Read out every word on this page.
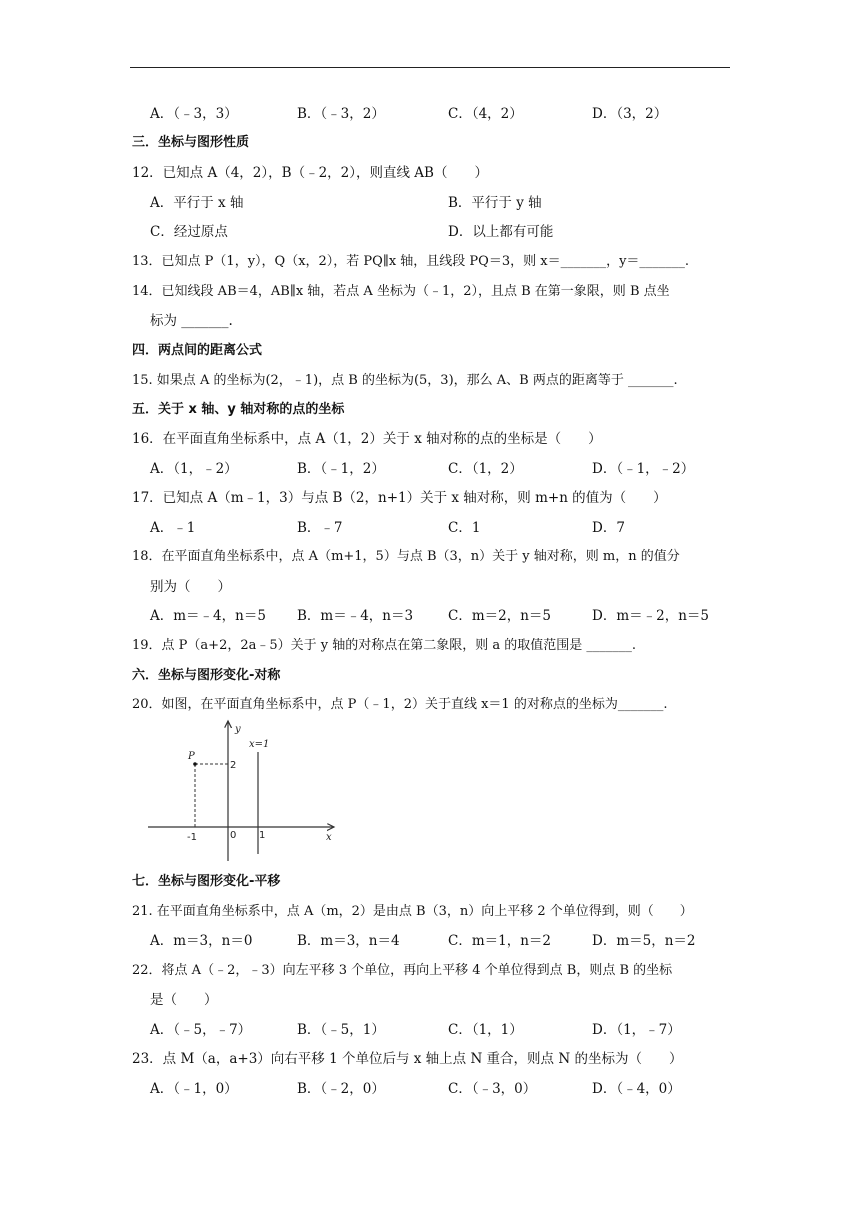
A．（﹣3，3）	B．（﹣3，2）	C．（4，2）	D．（3，2）
三．坐标与图形性质
12．已知点 A（4，2），B（﹣2，2），则直线 AB（　　）
A．平行于 x 轴	B．平行于 y 轴
C．经过原点	D．以上都有可能
13．已知点 P（1，y），Q（x，2），若 PQ∥x 轴，且线段 PQ＝3，则 x＝_______，y＝_______.
14．已知线段 AB＝4，AB∥x 轴，若点 A 坐标为（﹣1，2），且点 B 在第一象限，则 B 点坐
标为 _______.
四．两点间的距离公式
15. 如果点 A 的坐标为(2，﹣1)，点 B 的坐标为(5，3)，那么 A、B 两点的距离等于 _______.
五．关于 x 轴、y 轴对称的点的坐标
16．在平面直角坐标系中，点 A（1，2）关于 x 轴对称的点的坐标是（　　）
A．（1，﹣2）	B．（﹣1，2）	C．（1，2）	D．（﹣1，﹣2）
17．已知点 A（m﹣1，3）与点 B（2，n+1）关于 x 轴对称，则 m+n 的值为（　　）
A．﹣1	B．﹣7	C．1	D．7
18．在平面直角坐标系中，点 A（m+1，5）与点 B（3，n）关于 y 轴对称，则 m，n 的值分
别为（　　）
A．m＝﹣4，n＝5 B．m＝﹣4，n＝3	C．m＝2，n＝5	D．m＝﹣2，n＝5
19．点 P（a+2，2a﹣5）关于 y 轴的对称点在第二象限，则 a 的取值范围是 _______.
六．坐标与图形变化-对称
20．如图，在平面直角坐标系中，点 P（﹣1，2）关于直线 x＝1 的对称点的坐标为_______.
y
x
x=1
P
2
-1	0 1
七．坐标与图形变化-平移
21. 在平面直角坐标系中，点 A（m，2）是由点 B（3，n）向上平移 2 个单位得到，则（　　）
A．m＝3，n＝0	B．m＝3，n＝4	C．m＝1，n＝2	D．m＝5，n＝2
22．将点 A（﹣2，﹣3）向左平移 3 个单位，再向上平移 4 个单位得到点 B，则点 B 的坐标
是（　　）
A．（﹣5，﹣7）	B．（﹣5，1）	C．（1，1）	D．（1，﹣7）
23．点 M（a，a+3）向右平移 1 个单位后与 x 轴上点 N 重合，则点 N 的坐标为（　　）
A．（﹣1，0）	B．（﹣2，0）	C．（﹣3，0）	D．（﹣4，0）
